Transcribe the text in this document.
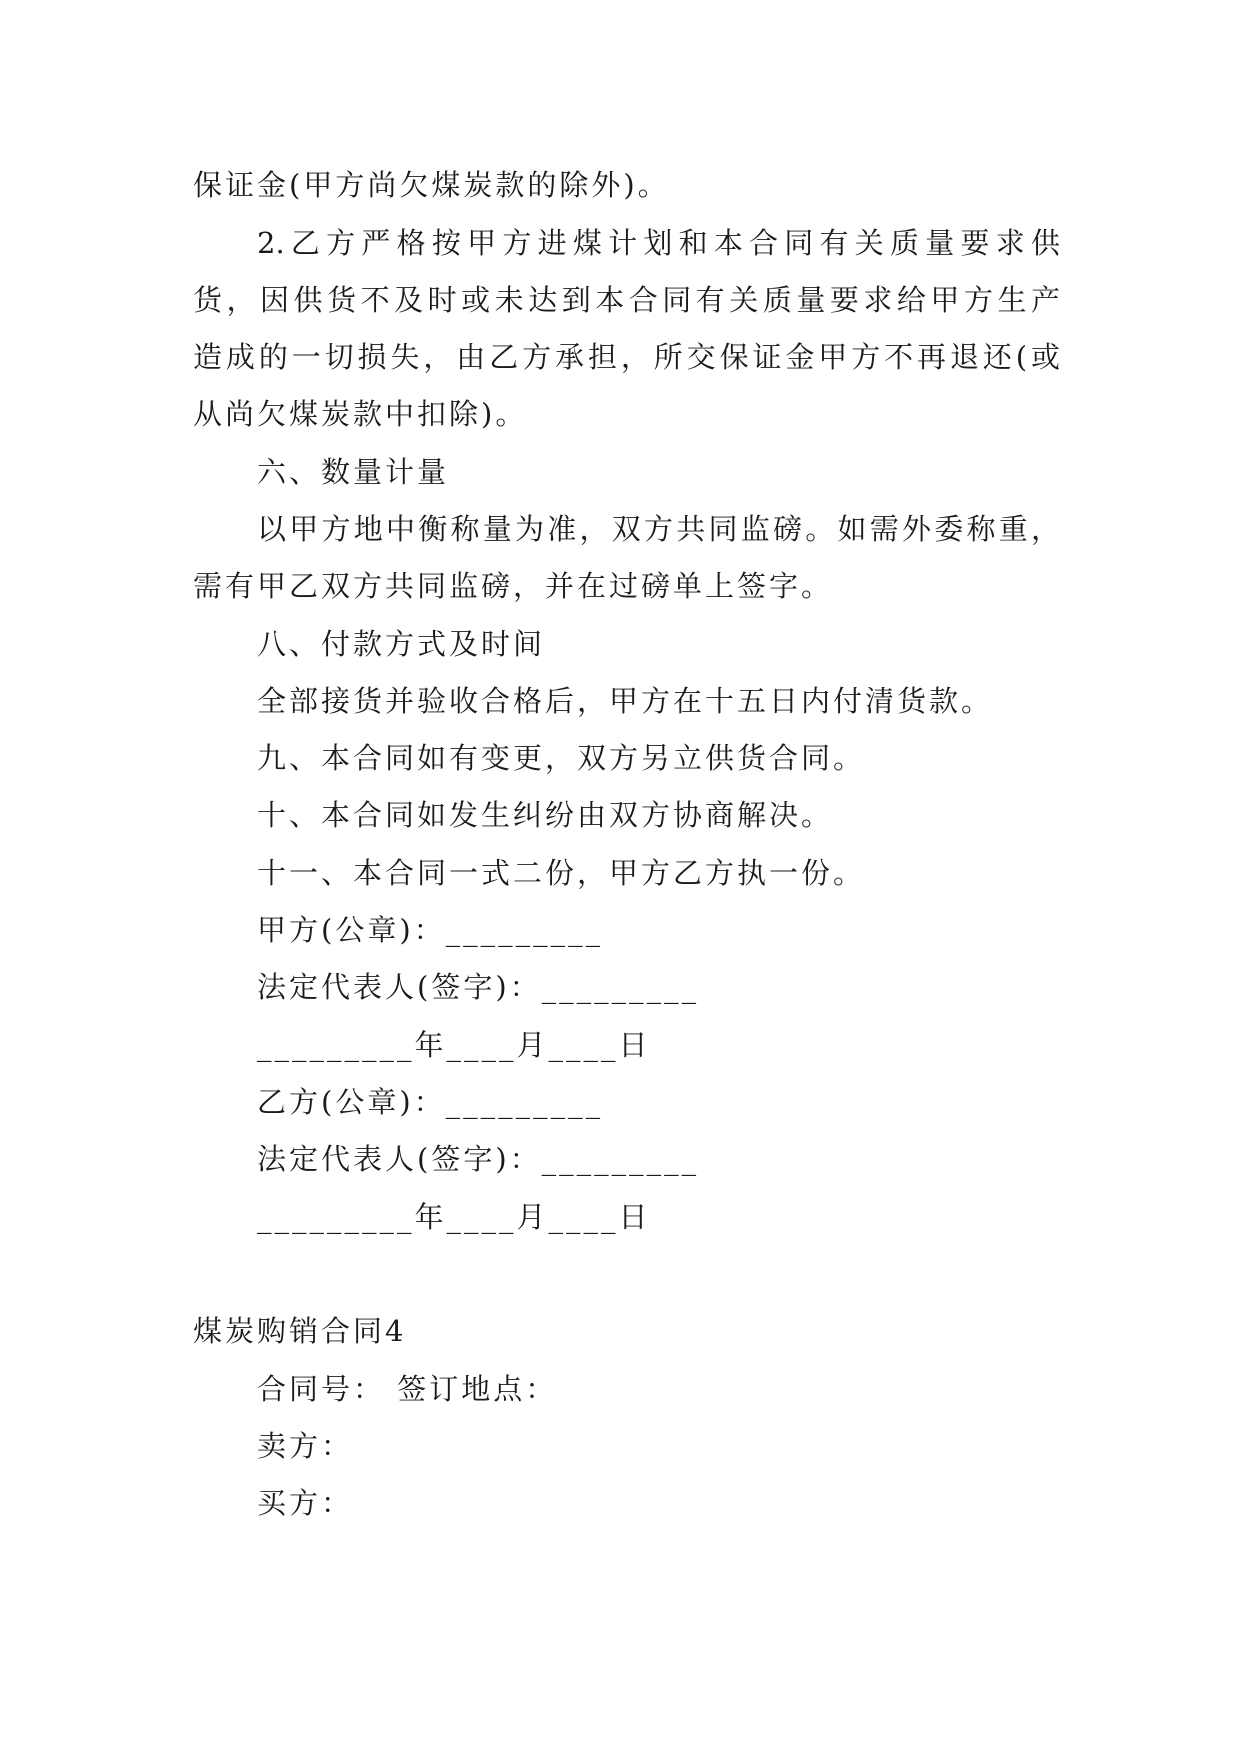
保证金(甲方尚欠煤炭款的除外)。
2.乙方严格按甲方进煤计划和本合同有关质量要求供
货，因供货不及时或未达到本合同有关质量要求给甲方生产
造成的一切损失，由乙方承担，所交保证金甲方不再退还(或
从尚欠煤炭款中扣除)。
六、数量计量
以甲方地中衡称量为准，双方共同监磅。如需外委称重，
需有甲乙双方共同监磅，并在过磅单上签字。
八、付款方式及时间
全部接货并验收合格后，甲方在十五日内付清货款。
九、本合同如有变更，双方另立供货合同。
十、本合同如发生纠纷由双方协商解决。
十一、本合同一式二份，甲方乙方执一份。
甲方(公章)：_________
法定代表人(签字)：_________
_________年____月____日
乙方(公章)：_________
法定代表人(签字)：_________
_________年____月____日
煤炭购销合同4
合同号： 签订地点：
卖方：
买方：
